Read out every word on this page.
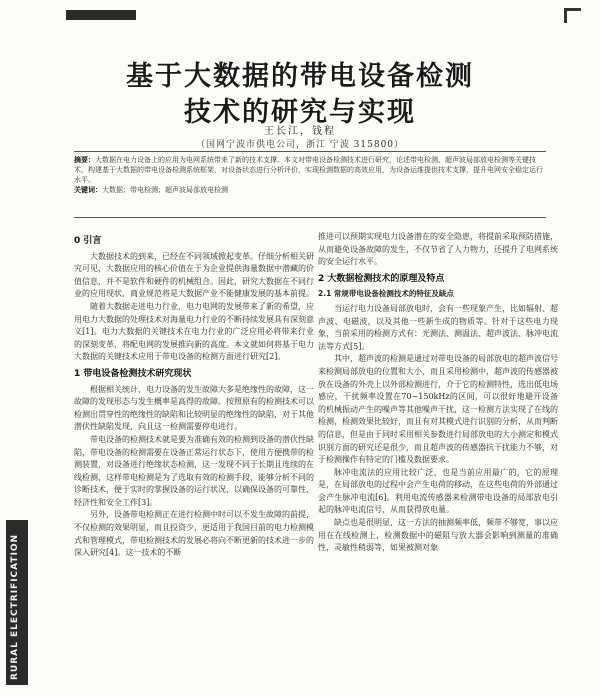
基于大数据的带电设备检测
技术的研究与实现
王长江，钱程
（国网宁波市供电公司，浙江 宁波 315800）
摘要：大数据在电力设备上的应用为电网系统带来了新的技术支撑。本文对带电设备检测技术进行研究，论述带电检测、超声波局部放电检测等关键技术，构建基于大数据的带电设备检测系统框架，对设备状态进行分析评价，实现检测数据的高效应用，为设备运维提供技术支撑，提升电网安全稳定运行水平。
关键词：大数据；带电检测；超声波局部放电检测
0 引言

大数据技术的到来，已经在不同领域掀起变革。仔细分析相关研究可见，大数据应用的核心价值在于为企业提供海量数据中潜藏的价值信息，并不是软件和硬件的机械组合。因此，研究大数据在不同行业的应用现状，商业规范将是大数据产业不能健康发展的基本前提。

随着大数据走进电力行业，电力电网的发展带来了新的希望，应用电力大数据的处理技术对海量电力行业的不断持续发展具有深刻意义[1]。电力大数据的关键技术在电力行业的广泛应用必将带来行业的深刻变革，将配电网的发展推向新的高度。本文就如何将基于电力大数据的关键技术应用于带电设备的检测方面进行研究[2]。

1 带电设备检测技术研究现状

根据相关统计，电力设备的发生故障大多是绝缘性的故障，这一故障的发现形态与发生概率是高得的故障。按照原有的检测技术可以检测出贯穿性的绝缘性的缺陷和比较明显的绝缘性的缺陷，对于其他潜伏性缺陷发现，向且这一检测需要停电进行。

带电设备的检测技术就是要为准确有效的检测到设备的潜伏性缺陷，带电设备的检测需要在设备正常运行状态下，使用方便携带的检测装置，对设备进行绝缘状态检测，这一发现不同于长期且连续的在线检测，这样带电检测是为了选取有效的检测手段，能够分析不同的诊断技术，便于实时的掌握设备的运行状况，以确保设备的可靠性、经济性和安全工作[3]。

另外，设备带电检测正在进行检测中时可以不发生故障的前提，不仅检测的效果明显，而且投资少，更适用于我国目前的电力检测模式和管理模式，带电检测技术的发展必将向不断更新的技术进一步的深入研究[4]。这一技术的不断

推进可以预期实现电力设备潜在的安全隐患，将提前采取预防措施，从而避免设备故障的发生，不仅节省了人力物力，还提升了电网系统的安全运行水平。

2 大数据检测技术的原理及特点
2.1 常规带电设备检测技术的特征及缺点

当运行电力设备局部放电时，会有一些现象产生，比如辐射、超声波、电磁波，以及其他一些新生成的物质等。针对于这些电力现象，当前采用的检测方式有：光测法、测温法、超声波法、脉冲电流法等方式[5]。

其中，超声波的检测是通过对带电设备的局部放电的超声波信号来检测局部放电的位置和大小，而且采用检测中，超声波的传感器被放在设备的外壳上以外部检测进行，介于它的检测特性，选出低电场感应，干扰频率设置在70~150kHz的区间，可以很好地避开设备的机械振动产生的噪声等其他噪声干扰，这一检测方法实现了在线的检测，检测效果比较好，而且有对其模式进行识别的分析，从而判断的信息，但是由于同时采用相关参数进行局部放电的大小测定和模式识别方面的研究还是很少，而且超声波的传感器抗干扰能力不够，对于检测操作有特定的门槛及数据要求。

脉冲电流法的应用比较广泛，也是当前应用最广的，它的原理是，在局部放电的过程中会产生电荷的移动，在这些电荷的外部通过会产生脉冲电流[6]。利用电流传感器来检测带电设备的局部放电引起的脉冲电流信号，从而获得放电量。

缺点也是很明显，这一方法的抽测频率低，频带不够宽，事以应用在在线检测上，检测数据中的磁阻与放大器会影响到测量的准确性，灵敏性稍弱等，如果被测对象

RURAL ELECTRIFICATION
